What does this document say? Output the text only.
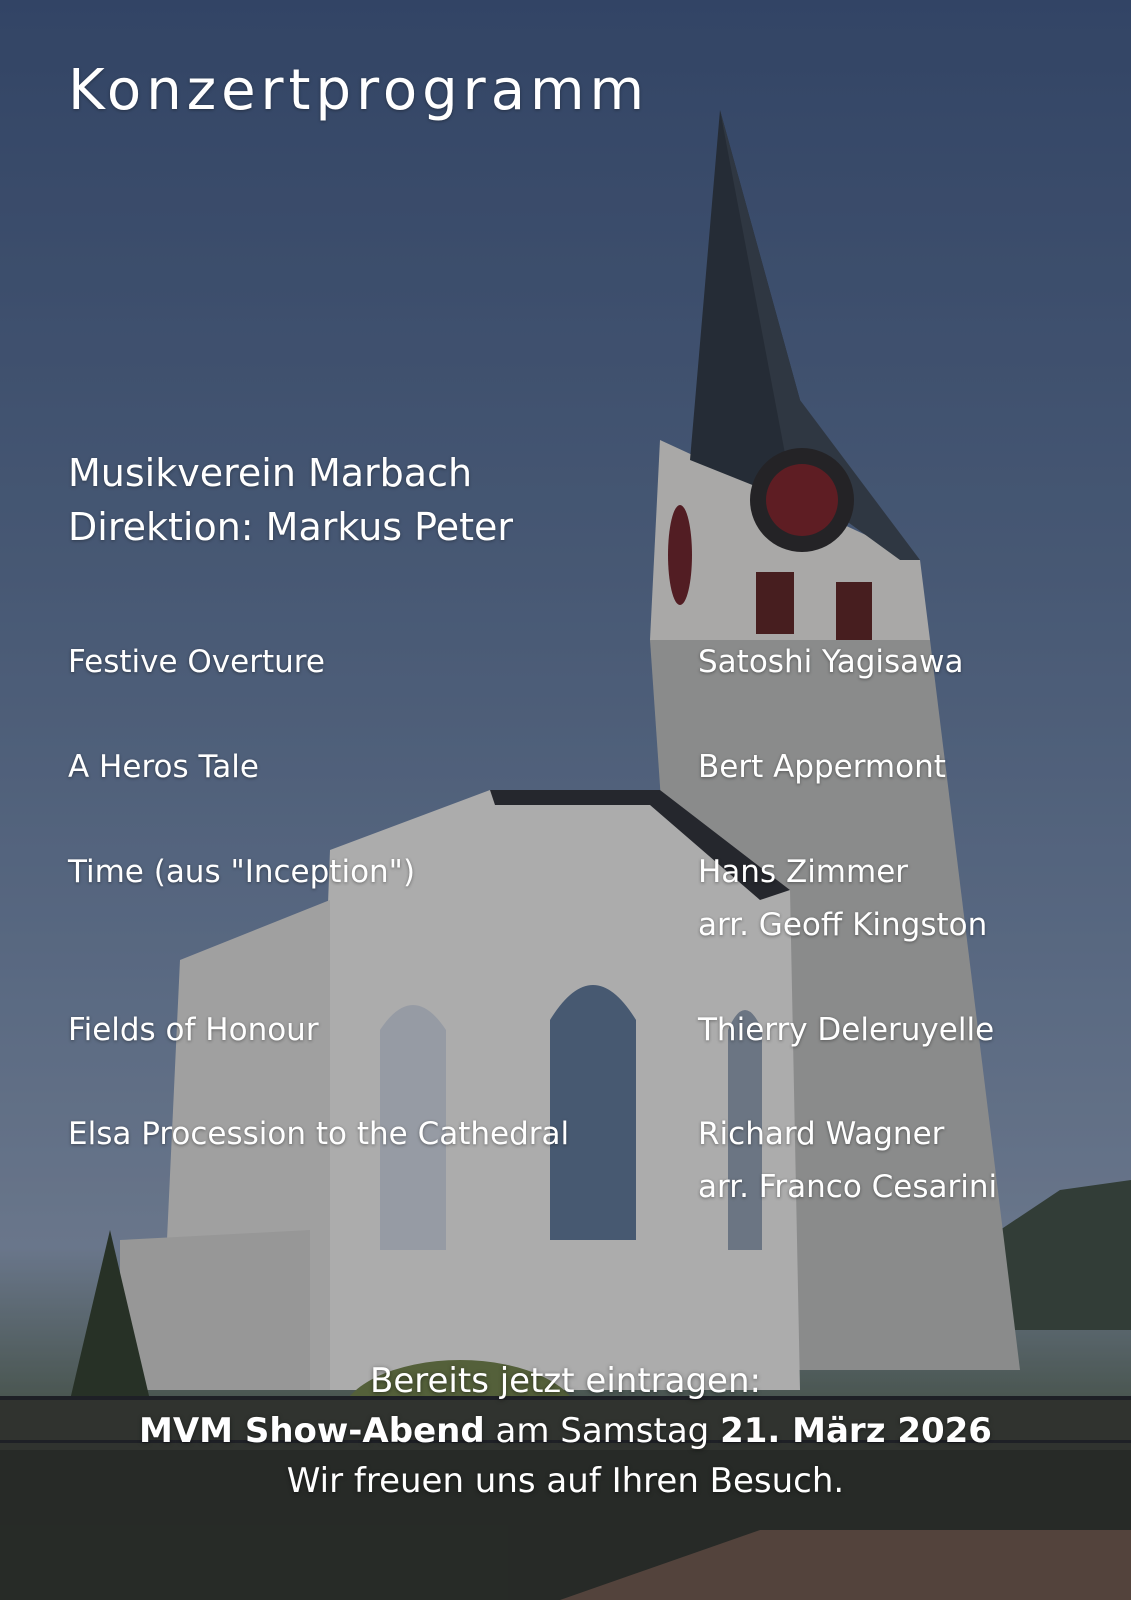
Konzertprogramm
Musikverein Marbach
Direktion: Markus Peter
Festive Overture	Satoshi Yagisawa
A Heros Tale	Bert Appermont
Time (aus "Inception")	Hans Zimmer
arr. Geoff Kingston
Fields of Honour	Thierry Deleruyelle
Elsa Procession to the Cathedral	Richard Wagner
arr. Franco Cesarini
Bereits jetzt eintragen:
MVM Show-Abend am Samstag 21. März 2026
Wir freuen uns auf Ihren Besuch.
